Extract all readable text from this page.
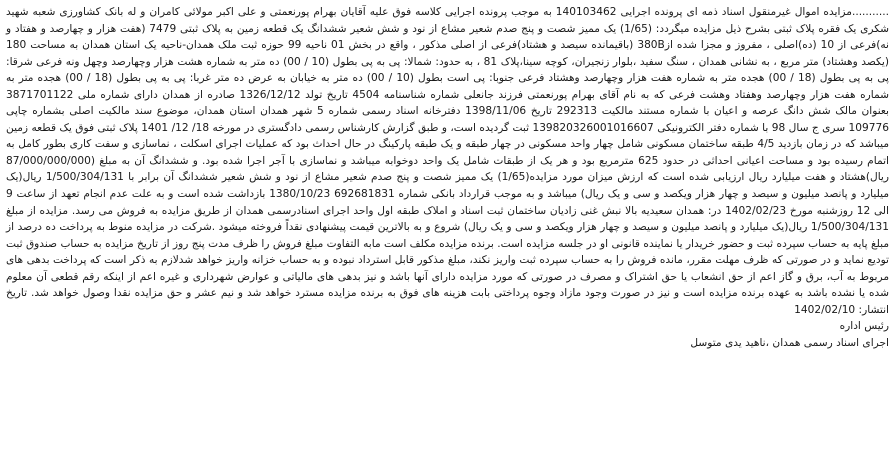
...........مزایده اموال غیرمنقول اسناد ذمه ای پرونده اجرایی 140103462 به موجب پرونده اجرایی کلاسه فوق علیه آقایان بهرام پورنعمتی و علی اکبر مولائی کامران و له بانک کشاورزی شعبه شهید شکری یک فقره پلاک ثبتی بشرح ذیل مزایده میگردد: (1/65) یک ممیز شصت و پنج صدم شعیر مشاع از نود و شش شعیر ششدانگ یک قطعه زمین به پلاک ثبتی 7479 (هفت هزار و چهارصد و هفتاد و نه)فرعی از 10 (ده)اصلی ، مفروز و مجزا شده از380B (باقیمانده سیصد و هشتاد)فرعی از اصلی مذکور ، واقع در بخش 01 ناحیه 99 حوزه ثبت ملک همدان-ناحیه یک استان همدان به مساحت 180 (یکصد وهشتاد) متر مربع ، به نشانی همدان ، سنگ سفید ،بلوار زنجیران، کوچه سینا،پلاک 81 ، به حدود: شمالا: پی به پی بطول (10 / 00) ده متر به شماره هشت هزار وچهارصد وچهل ونه فرعی شرقا: پی به پی بطول (18 / 00) هجده متر به شماره هفت هزار وچهارصد وهشتاد فرعی جنوبا: پی است بطول (10 / 00) ده متر به خیابان به عرض ده متر غربا: پی به پی بطول (18 / 00) هجده متر به شماره هفت هزار وچهارصد وهفتاد وهشت فرعی که به نام آقای بهرام پورنعمتی فرزند جانعلی شماره شناسنامه 4504 تاریخ تولد 1326/12/12 صادره از همدان دارای شماره ملی 3871701122 بعنوان مالک شش دانگ عرصه و اعیان با شماره مستند مالکیت 292313 تاریخ 1398/11/06 دفترخانه اسناد رسمی شماره 5 شهر همدان استان همدان، موضوع سند مالکیت اصلی بشماره چاپی 109776 سری ج سال 98 با شماره دفتر الکترونیکی 139820326001016607 ثبت گردیده است، و طبق گزارش کارشناس رسمی دادگستری در مورخه 18/ 12/ 1401 پلاک ثبتی فوق یک قطعه زمین میباشد که در زمان بازدید 4/5 طبقه ساختمان مسکونی شامل چهار واحد مسکونی در چهار طبقه و یک طبقه پارکینگ در حال احداث بود که عملیات اجرای اسکلت ، نماسازی و سفت کاری بطور کامل به اتمام رسیده بود و مساحت اعیانی احداثی در حدود 625 مترمربع بود و هر یک از طبقات شامل یک واحد دوخوابه میباشد و نماسازی با آجر اجرا شده بود. و ششدانگ آن به مبلغ (87/000/000/000 ریال)هشتاد و هفت میلیارد ریال ارزیابی شده است که ارزش میزان مورد مزایده(1/65) یک ممیز شصت و پنج صدم شعیر مشاع از نود و شش شعیر ششدانگ آن برابر با 1/500/304/131 ریال(یک میلیارد و پانصد میلیون و سیصد و چهار هزار ویکصد و سی و یک ریال) میباشد و به موجب قرارداد بانکی شماره 692681831 1380/10/23 بازداشت شده است و به علت عدم انجام تعهد از ساعت 9 الی 12 روزشنبه مورخ 1402/02/23 در: همدان سعیدیه بالا نبش غنی زادیان ساختمان ثبت اسناد و املاک طبقه اول واحد اجرای اسنادرسمی همدان از طریق مزایده به فروش می رسد. مزایده از مبلغ 1/500/304/131 ریال(یک میلیارد و پانصد میلیون و سیصد و چهار هزار ویکصد و سی و یک ریال) شروع و به بالاترین قیمت پیشنهادی نقداً فروخته میشود .شرکت در مزایده منوط به پرداخت ده درصد از مبلغ پایه به حساب سپرده ثبت و حضور خریدار یا نماینده قانونی او در جلسه مزایده است. برنده مزایده مکلف است مابه التفاوت مبلغ فروش را ظرف مدت پنج روز از تاریخ مزایده به حساب صندوق ثبت تودیع نماید و در صورتی که ظرف مهلت مقرر، مانده فروش را به حساب سپرده ثبت واریز نکند، مبلغ مذکور قابل استرداد نبوده و به حساب خزانه واریز خواهد شدلازم به ذکر است که پرداخت بدهی های مربوط به آب، برق و گاز اعم از حق انشعاب یا حق اشتراک و مصرف در صورتی که مورد مزایده دارای آنها باشد و نیز بدهی های مالیاتی و عوارض شهرداری و غیره اعم از اینکه رقم قطعی آن معلوم شده یا نشده باشد به عهده برنده مزایده است و نیز در صورت وجود مازاد وجوه پرداختی بابت هزینه های فوق به برنده مزایده مسترد خواهد شد و نیم عشر و حق مزایده نقدا وصول خواهد شد. تاریخ انتشار: 1402/02/10

رئیس اداره
اجرای اسناد رسمی همدان ،ناهید یدی متوسل
